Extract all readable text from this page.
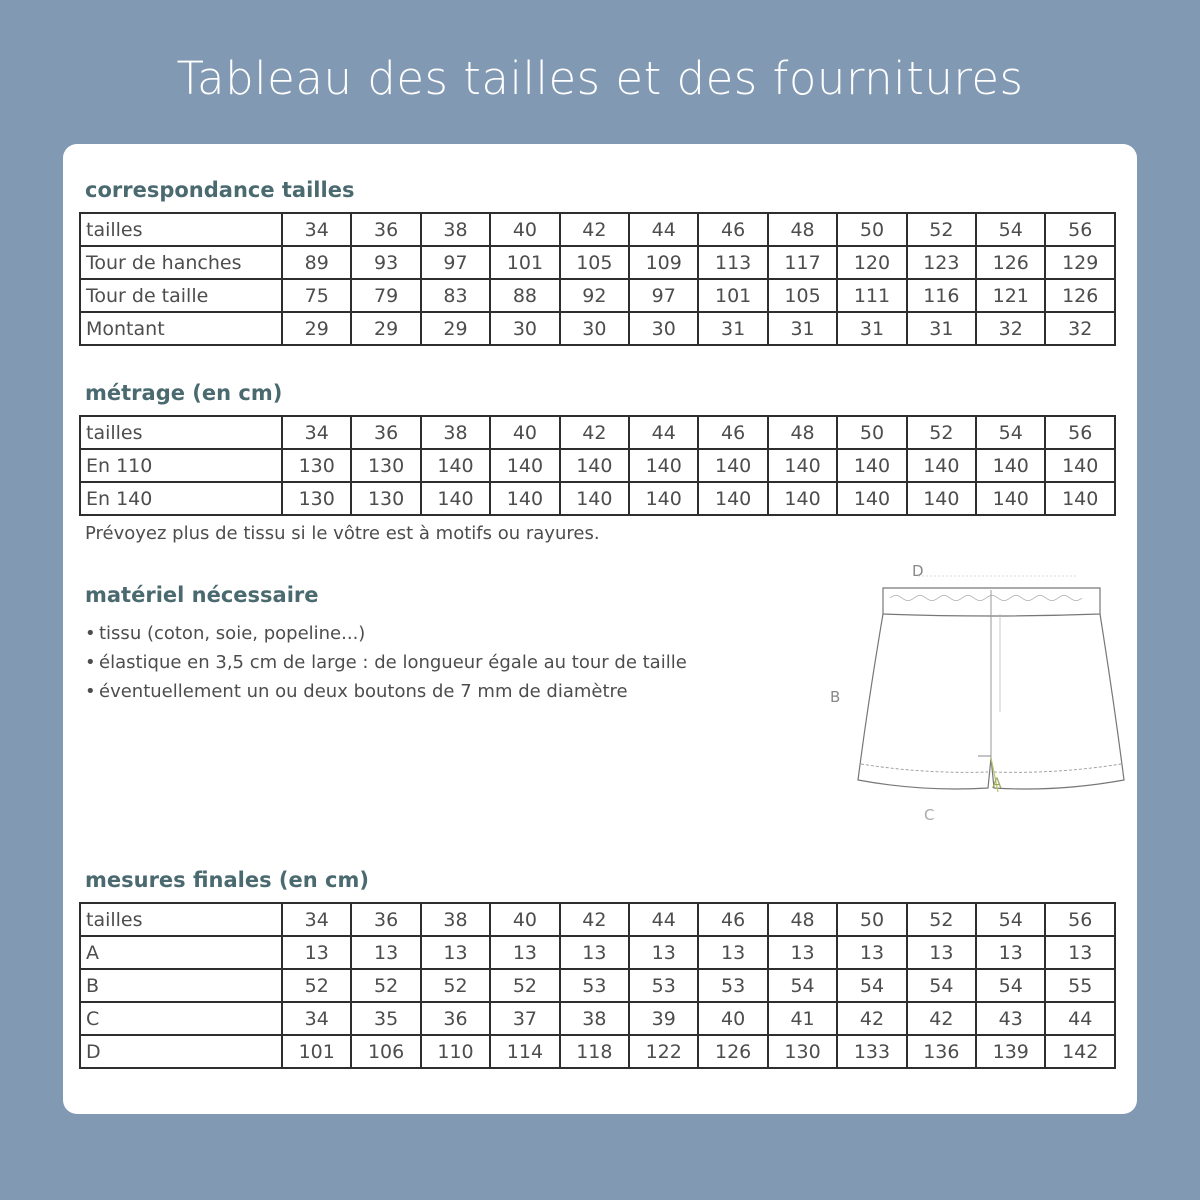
Tableau des tailles et des fournitures
correspondance tailles
tailles	34	36	38	40	42	44	46	48	50	52	54	56
Tour de hanches	89	93	97	101	105	109	113	117	120	123	126	129
Tour de taille	75	79	83	88	92	97	101	105	111	116	121	126
Montant	29	29	29	30	30	30	31	31	31	31	32	32
métrage (en cm)
tailles	34	36	38	40	42	44	46	48	50	52	54	56
En 110	130	130	140	140	140	140	140	140	140	140	140	140
En 140	130	130	140	140	140	140	140	140	140	140	140	140

Prévoyez plus de tissu si le vôtre est à motifs ou rayures.

matériel nécessaire
• tissu (coton, soie, popeline...)
• élastique en 3,5 cm de large : de longueur égale au tour de taille
• éventuellement un ou deux boutons de 7 mm de diamètre
D
B
C
A
mesures finales (en cm)
tailles	34	36	38	40	42	44	46	48	50	52	54	56
A	13	13	13	13	13	13	13	13	13	13	13	13
B	52	52	52	52	53	53	53	54	54	54	54	55
C	34	35	36	37	38	39	40	41	42	42	43	44
D	101	106	110	114	118	122	126	130	133	136	139	142
